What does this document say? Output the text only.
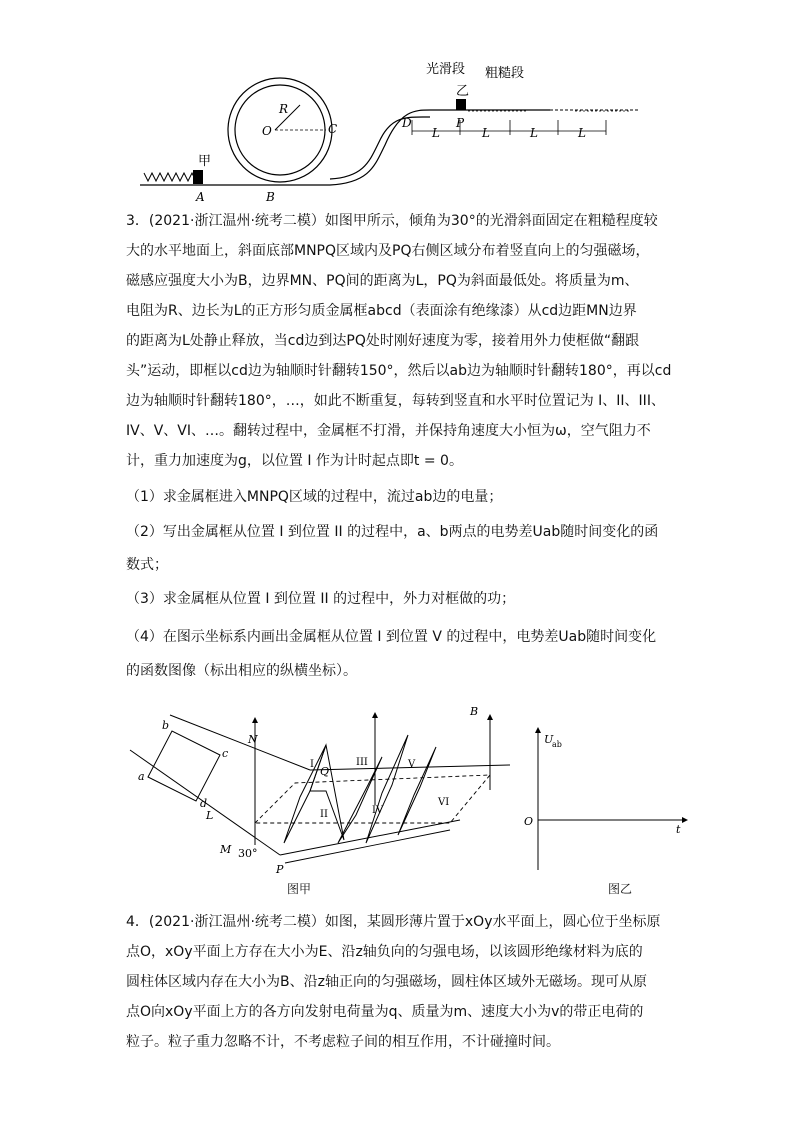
光滑段 粗糙段
甲
乙
A	B
C	D	P
O
R
L	L	L	L

3．(2021·浙江温州·统考二模）如图甲所示，倾角为30°的光滑斜面固定在粗糙程度较

大的水平地面上，斜面底部MNPQ区域内及PQ右侧区域分布着竖直向上的匀强磁场，

磁感应强度大小为B，边界MN、PQ间的距离为L，PQ为斜面最低处。将质量为m、

电阻为R、边长为L的正方形匀质金属框abcd（表面涂有绝缘漆）从cd边距MN边界

的距离为L处静止释放，当cd边到达PQ处时刚好速度为零，接着用外力使框做“翻跟

头”运动，即框以cd边为轴顺时针翻转150°，然后以ab边为轴顺时针翻转180°，再以cd

边为轴顺时针翻转180°，…，如此不断重复，每转到竖直和水平时位置记为 I、II、III、

IV、V、VI、…。翻转过程中，金属框不打滑，并保持角速度大小恒为ω，空气阻力不

计，重力加速度为g，以位置 I 作为计时起点即t = 0。

（1）求金属框进入MNPQ区域的过程中，流过ab边的电量；

（2）写出金属框从位置 I 到位置 II 的过程中，a、b两点的电势差Uab随时间变化的函

数式；

（3）求金属框从位置 I 到位置 II 的过程中，外力对框做的功；

（4）在图示坐标系内画出金属框从位置 I 到位置 V 的过程中，电势差Uab随时间变化

的函数图像（标出相应的纵横坐标）。

a
b
c
d
L
M
N
P
Q
B
30°
I
II
III
IV
V
VI
U
ab
O
t
图甲	图乙

4．(2021·浙江温州·统考二模）如图，某圆形薄片置于xOy水平面上，圆心位于坐标原

点O，xOy平面上方存在大小为E、沿z轴负向的匀强电场，以该圆形绝缘材料为底的

圆柱体区域内存在大小为B、沿z轴正向的匀强磁场，圆柱体区域外无磁场。现可从原

点O向xOy平面上方的各方向发射电荷量为q、质量为m、速度大小为v的带正电荷的

粒子。粒子重力忽略不计，不考虑粒子间的相互作用，不计碰撞时间。
